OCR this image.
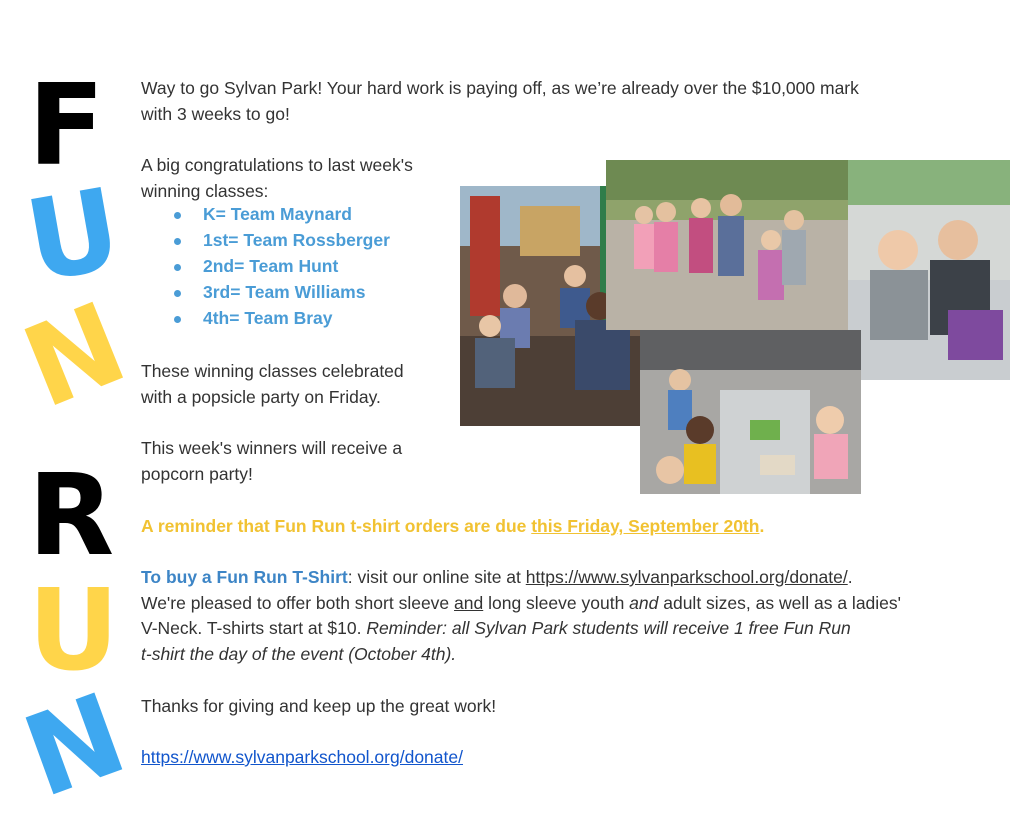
F
U
N
R
U
N
Way to go Sylvan Park! Your hard work is paying off, as we’re already over the $10,000 mark
with 3 weeks to go!
A big congratulations to last week's
winning classes:
K= Team Maynard
1st= Team Rossberger
2nd= Team Hunt
3rd= Team Williams
4th= Team Bray
These winning classes celebrated
with a popsicle party on Friday.
This week's winners will receive a
popcorn party!
A reminder that Fun Run t-shirt orders are due this Friday, September 20th.
To buy a Fun Run T-Shirt: visit our online site at https://www.sylvanparkschool.org/donate/.
We're pleased to offer both short sleeve and long sleeve youth and adult sizes, as well as a ladies'
V-Neck. T-shirts start at $10. Reminder: all Sylvan Park students will receive 1 free Fun Run
t-shirt the day of the event (October 4th).
Thanks for giving and keep up the great work!
https://www.sylvanparkschool.org/donate/
